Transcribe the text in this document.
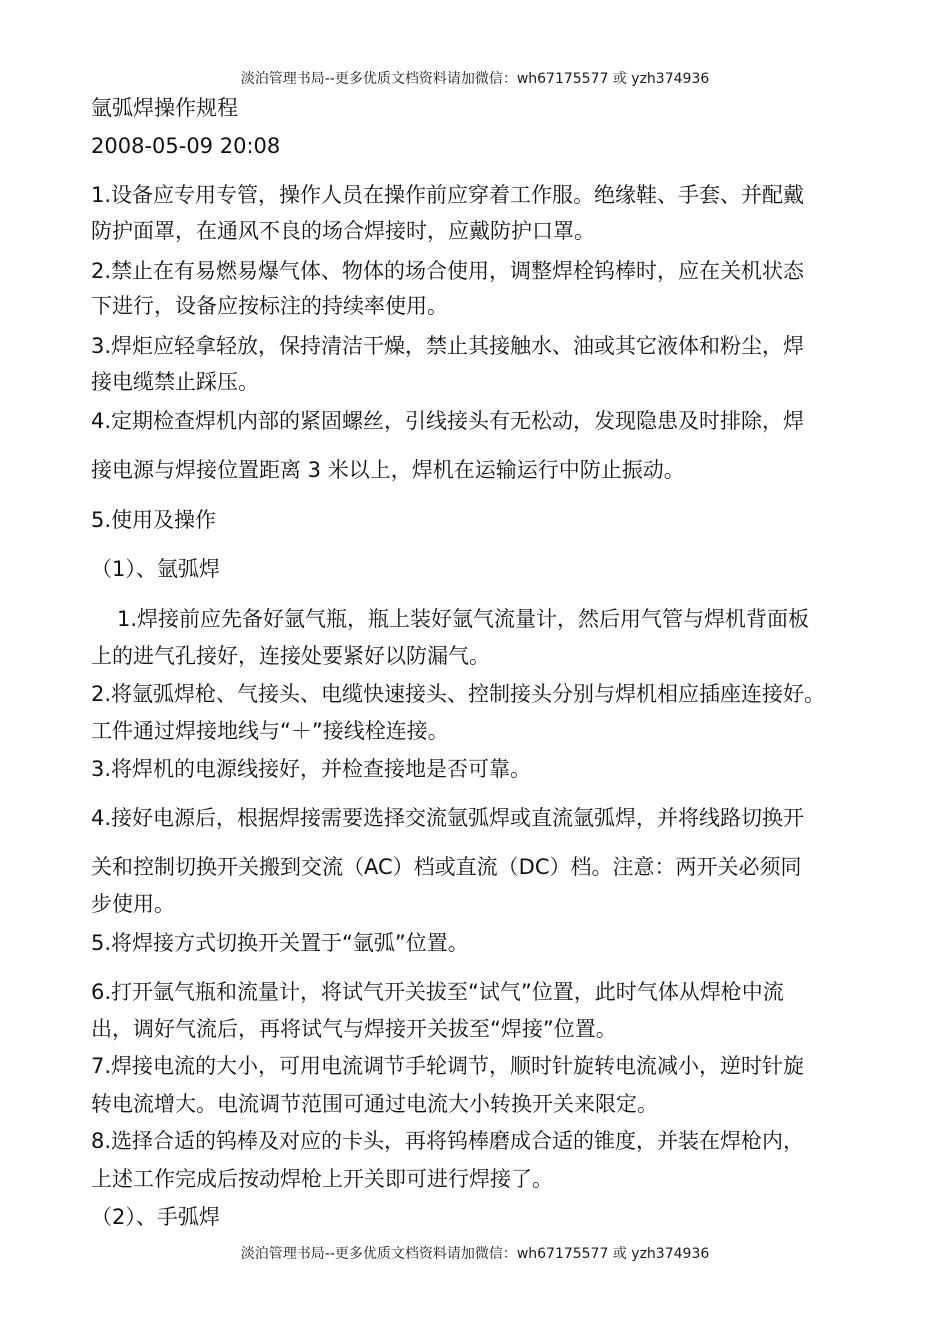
淡泊管理书局--更多优质文档资料请加微信：wh67175577 或 yzh374936
氩弧焊操作规程
2008-05-09 20:08
1.设备应专用专管，操作人员在操作前应穿着工作服。绝缘鞋、手套、并配戴
防护面罩，在通风不良的场合焊接时，应戴防护口罩。
2.禁止在有易燃易爆气体、物体的场合使用，调整焊栓钨棒时，应在关机状态
下进行，设备应按标注的持续率使用。
3.焊炬应轻拿轻放，保持清洁干燥，禁止其接触水、油或其它液体和粉尘，焊
接电缆禁止踩压。
4.定期检查焊机内部的紧固螺丝，引线接头有无松动，发现隐患及时排除，焊
接电源与焊接位置距离 3 米以上，焊机在运输运行中防止振动。
5.使用及操作
（1）、氩弧焊
1.焊接前应先备好氩气瓶，瓶上装好氩气流量计，然后用气管与焊机背面板
上的进气孔接好，连接处要紧好以防漏气。
2.将氩弧焊枪、气接头、电缆快速接头、控制接头分别与焊机相应插座连接好。
工件通过焊接地线与“＋”接线栓连接。
3.将焊机的电源线接好，并检查接地是否可靠。
4.接好电源后，根据焊接需要选择交流氩弧焊或直流氩弧焊，并将线路切换开
关和控制切换开关搬到交流（AC）档或直流（DC）档。注意：两开关必须同
步使用。
5.将焊接方式切换开关置于“氩弧”位置。
6.打开氩气瓶和流量计，将试气开关拔至“试气”位置，此时气体从焊枪中流
出，调好气流后，再将试气与焊接开关拔至“焊接”位置。
7.焊接电流的大小，可用电流调节手轮调节，顺时针旋转电流减小，逆时针旋
转电流增大。电流调节范围可通过电流大小转换开关来限定。
8.选择合适的钨棒及对应的卡头，再将钨棒磨成合适的锥度，并装在焊枪内，
上述工作完成后按动焊枪上开关即可进行焊接了。
（2）、手弧焊
淡泊管理书局--更多优质文档资料请加微信：wh67175577 或 yzh374936
